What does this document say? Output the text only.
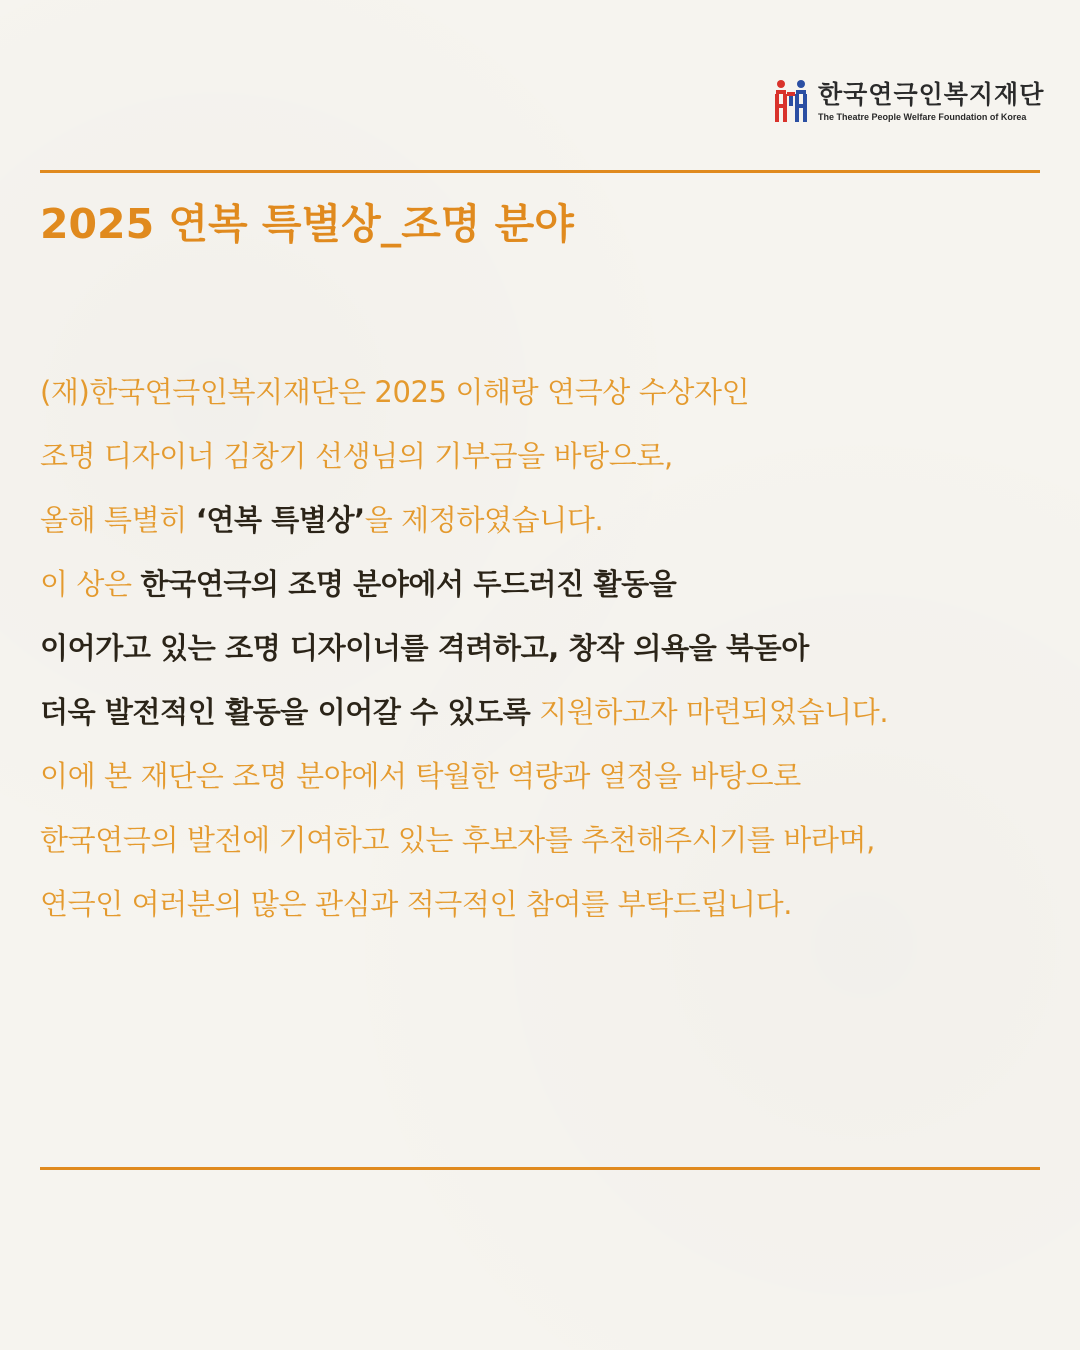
한국연극인복지재단
The Theatre People Welfare Foundation of Korea
2025 연복 특별상_조명 분야
(재)한국연극인복지재단은 2025 이해랑 연극상 수상자인
조명 디자이너 김창기 선생님의 기부금을 바탕으로,
올해 특별히 ‘연복 특별상’을 제정하였습니다.
이 상은 한국연극의 조명 분야에서 두드러진 활동을
이어가고 있는 조명 디자이너를 격려하고, 창작 의욕을 북돋아
더욱 발전적인 활동을 이어갈 수 있도록 지원하고자 마련되었습니다.
이에 본 재단은 조명 분야에서 탁월한 역량과 열정을 바탕으로
한국연극의 발전에 기여하고 있는 후보자를 추천해주시기를 바라며,
연극인 여러분의 많은 관심과 적극적인 참여를 부탁드립니다.
